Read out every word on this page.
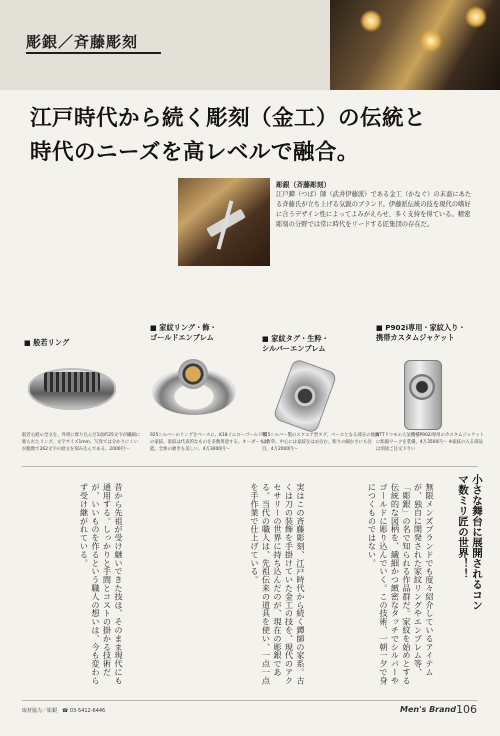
彫銀／斉藤彫刻
江戸時代から続く彫刻（金工）の伝統と
時代のニーズを高レベルで融合。
彫銀（斉藤彫刻）
江戸鐔（つば）師（武井伊藤派）である金工（かなぐ）の末裔にあたる斉藤氏が立ち上げる気鋭のブランド。伊藤派伝統の技を現代の嗜好に合うデザイン性によってよみがえらせ、多く支持を得ている。精密彫刻の分野では常に時代をリードする匠集団の存在だ。
■ 般若リング
般若心経の全文を、外周に彫り込んだ1面約25文字が繊細に彫られたリング。文字サイズ1mm、写真では分かりにくいが総数で262文字の経文を刻み込んである。2000円〜
■ 家紋リング・飾・
ゴールドエンブレム
925シルバーのリングをベースに、K18イエローゴールド製の家紋。家紋は代表的なものを多数用意する。オーダーも可能。全体の磨きも美しい。4万3000円〜
■ 家紋タグ・生粋・
シルバーエンブレム
925シルバー製のスクエア型タグ。ベースとなる部分の地紋は唐草、中心には家紋をはめ込む。彫りの細かさにも注目。4万2000円〜
■ P902i専用・家紋入り・
携帯カスタムジャケット
NTTドコモの人気機種P902i専用のカスタムジャケットに彫銀ワークを装備。4万3500円〜 ※家紋の入る部品は別途ご注文下さい
小さな舞台に展開されるコンマ数ミリ匠の世界！！
無限メンズブランドでも度々紹介しているアイテムが、独自に開発された家紋リングやエンブレム等、「彫銀」の名で知られる作品群だ。家紋を始めとする伝統的な図柄を、繊細かつ緻密なタッチでシルバーやゴールドに彫り込んでいく。この技術、一朝一夕で身につくものではない。
実はこの斉藤彫刻、江戸時代から続く鐔師の家系。古くは刀の装飾を手掛けていた金工の技を、現代のアクセサリーの世界に持ち込んだのが、現在の彫銀である。当代の職人は、先祖伝来の道具を使い、一点一点を手作業で仕上げている。
昔から先祖が受け継いできた技は、そのまま現代にも通用する。しっかりと手間とコストの掛かる技術だが、いいものを作るという職人の想いは、今も変わらず受け継がれている。
取材協力／彫銀　☎ 03-5412-6446	Men's Brand 106
